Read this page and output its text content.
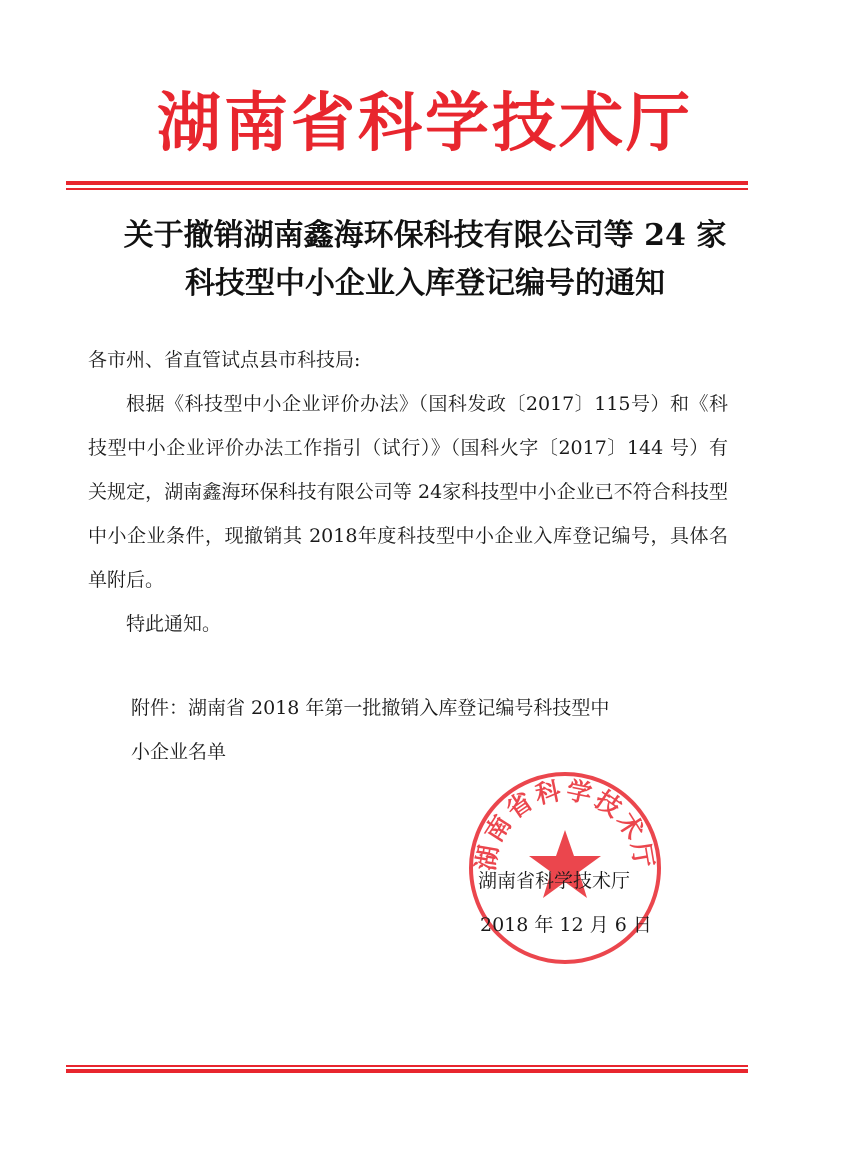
湖南省科学技术厅
关于撤销湖南鑫海环保科技有限公司等 24 家
科技型中小企业入库登记编号的通知

各市州、省直管试点县市科技局:

根据《科技型中小企业评价办法》（国科发政〔2017〕115号）和《科技型中小企业评价办法工作指引（试行）》（国科火字〔2017〕144 号）有关规定，湖南鑫海环保科技有限公司等 24家科技型中小企业已不符合科技型中小企业条件，现撤销其 2018年度科技型中小企业入库登记编号，具体名单附后。

特此通知。

附件：湖南省 2018 年第一批撤销入库登记编号科技型中
小企业名单
湖南省科学技术厅
湖南省科学技术厅
2018 年 12 月 6 日
